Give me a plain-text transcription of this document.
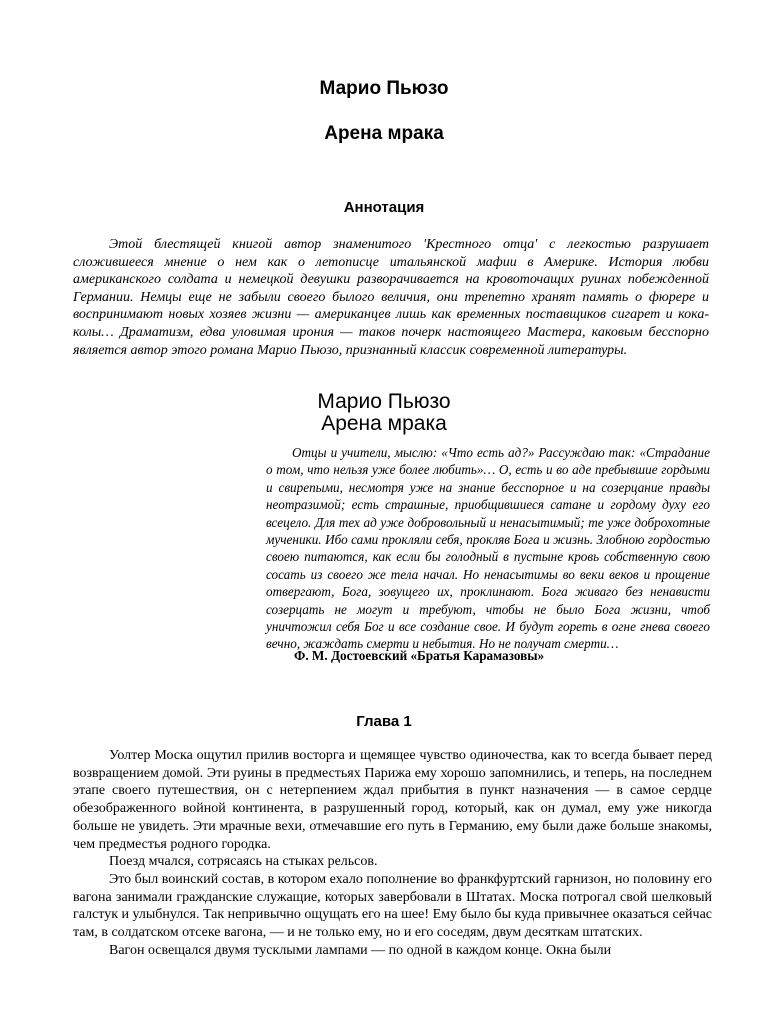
Марио Пьюзо
Арена мрака
Аннотация

Этой блестящей книгой автор знаменитого 'Крестного отца' с легкостью разрушает сложившееся мнение о нем как о летописце итальянской мафии в Америке. История любви американского солдата и немецкой девушки разворачивается на кровоточащих руинах побежденной Германии. Немцы еще не забыли своего былого величия, они трепетно хранят память о фюрере и воспринимают новых хозяев жизни — американцев лишь как временных поставщиков сигарет и кока-колы… Драматизм, едва уловимая ирония — таков почерк настоящего Мастера, каковым бесспорно является автор этого романа Марио Пьюзо, признанный классик современной литературы.

Марио Пьюзо
Арена мрака

Отцы и учители, мыслю: «Что есть ад?» Рассуждаю так: «Страдание о том, что нельзя уже более любить»… О, есть и во аде пребывшие гордыми и свирепыми, несмотря уже на знание бесспорное и на созерцание правды неотразимой; есть страшные, приобщившиеся сатане и гордому духу его всецело. Для тех ад уже добровольный и ненасытимый; те уже доброхотные мученики. Ибо сами прокляли себя, прокляв Бога и жизнь. Злобною гордостью своею питаются, как если бы голодный в пустыне кровь собственную свою сосать из своего же тела начал. Но ненасытимы во веки веков и прощение отвергают, Бога, зовущего их, проклинают. Бога живаго без ненависти созерцать не могут и требуют, чтобы не было Бога жизни, чтоб уничтожил себя Бог и все создание свое. И будут гореть в огне гнева своего вечно, жаждать смерти и небытия. Но не получат смерти…

Ф. М. Достоевский «Братья Карамазовы»

Глава 1

Уолтер Моска ощутил прилив восторга и щемящее чувство одиночества, как то всегда бывает перед возвращением домой. Эти руины в предместьях Парижа ему хорошо запомнились, и теперь, на последнем этапе своего путешествия, он с нетерпением ждал прибытия в пункт назначения — в самое сердце обезображенного войной континента, в разрушенный город, который, как он думал, ему уже никогда больше не увидеть. Эти мрачные вехи, отмечавшие его путь в Германию, ему были даже больше знакомы, чем предместья родного городка.

Поезд мчался, сотрясаясь на стыках рельсов.

Это был воинский состав, в котором ехало пополнение во франкфуртский гарнизон, но половину его вагона занимали гражданские служащие, которых завербовали в Штатах. Моска потрогал свой шелковый галстук и улыбнулся. Так непривычно ощущать его на шее! Ему было бы куда привычнее оказаться сейчас там, в солдатском отсеке вагона, — и не только ему, но и его соседям, двум десяткам штатских.

Вагон освещался двумя тусклыми лампами — по одной в каждом конце. Окна были
